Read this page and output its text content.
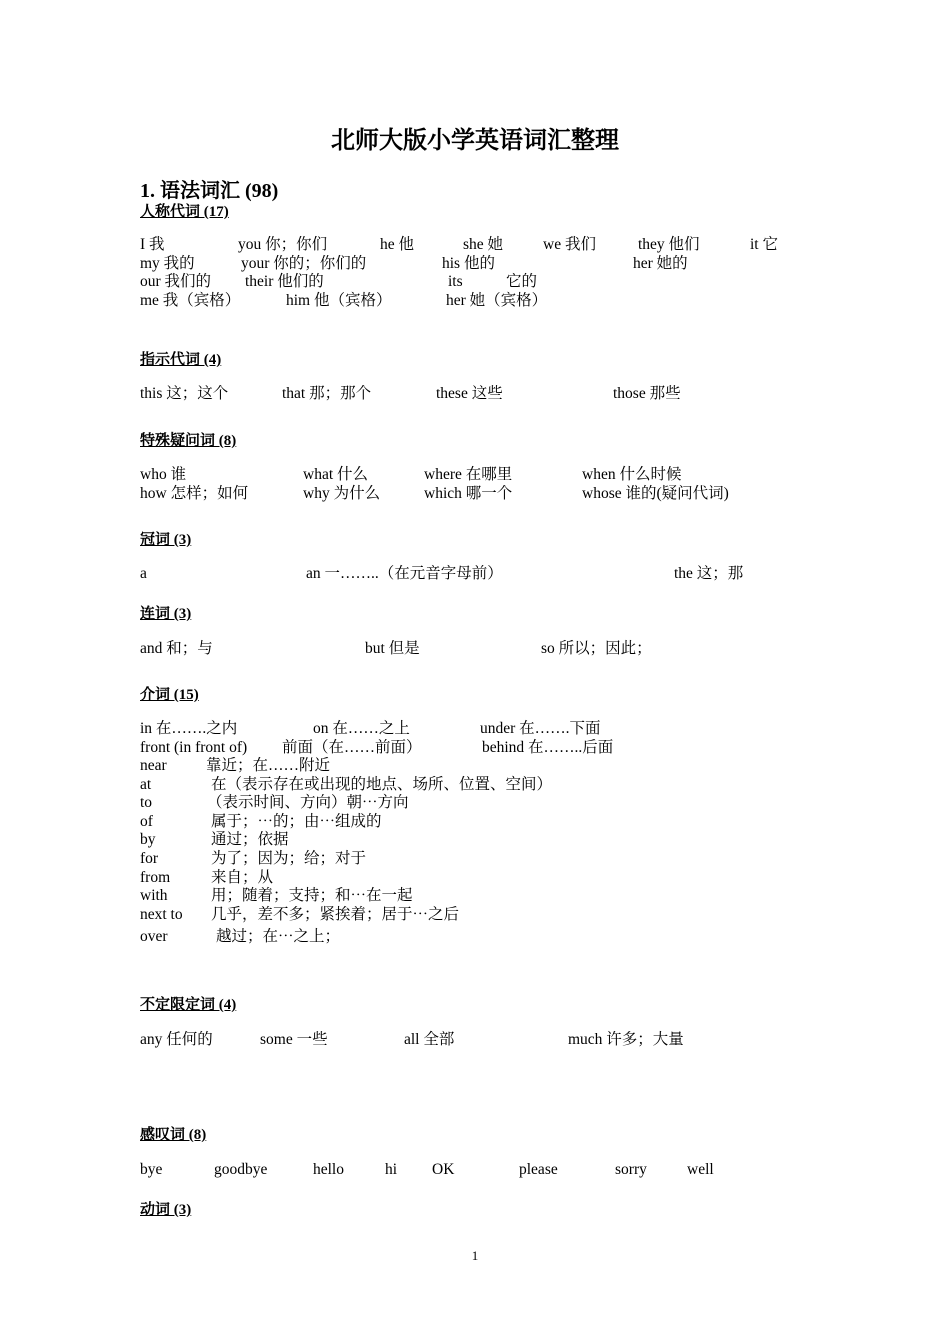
北师大版小学英语词汇整理
1. 语法词汇 (98)
人称代词 (17)
I 我	you 你；你们	he 他	she 她	we 我们	they 他们	it 它
my 我的	your 你的；你们的	his 他的	her 她的
our 我们的 their 他们的	its	它的
me 我（宾格）	him 他（宾格）	her 她（宾格）
指示代词 (4)
this 这；这个	that 那；那个	these 这些	those 那些
特殊疑问词 (8)
who 谁	what 什么	where 在哪里	when 什么时候
how 怎样；如何	why 为什么	which 哪一个	whose 谁的(疑问代词)
冠词 (3)
a	an 一……..（在元音字母前）	the 这；那
连词 (3)
and 和；与	but 但是	so 所以；因此；
介词 (15)
in 在…….之内	on 在……之上	under 在…….下面
front (in front of) 前面（在……前面）	behind 在……..后面
near	靠近；在……附近
at	在（表示存在或出现的地点、场所、位置、空间）
to	（表示时间、方向）朝⋯方向
of	属于；⋯的；由⋯组成的
by	通过；依据
for	为了；因为；给；对于
from	来自；从
with	用；随着；支持；和⋯在一起
next to 几乎，差不多；紧挨着；居于⋯之后
over	越过；在⋯之上；
不定限定词 (4)
any 任何的	some 一些	all 全部	much 许多；大量
感叹词 (8)
bye	goodbye	hello	hi OK	please	sorry	well
动词 (3)
1
